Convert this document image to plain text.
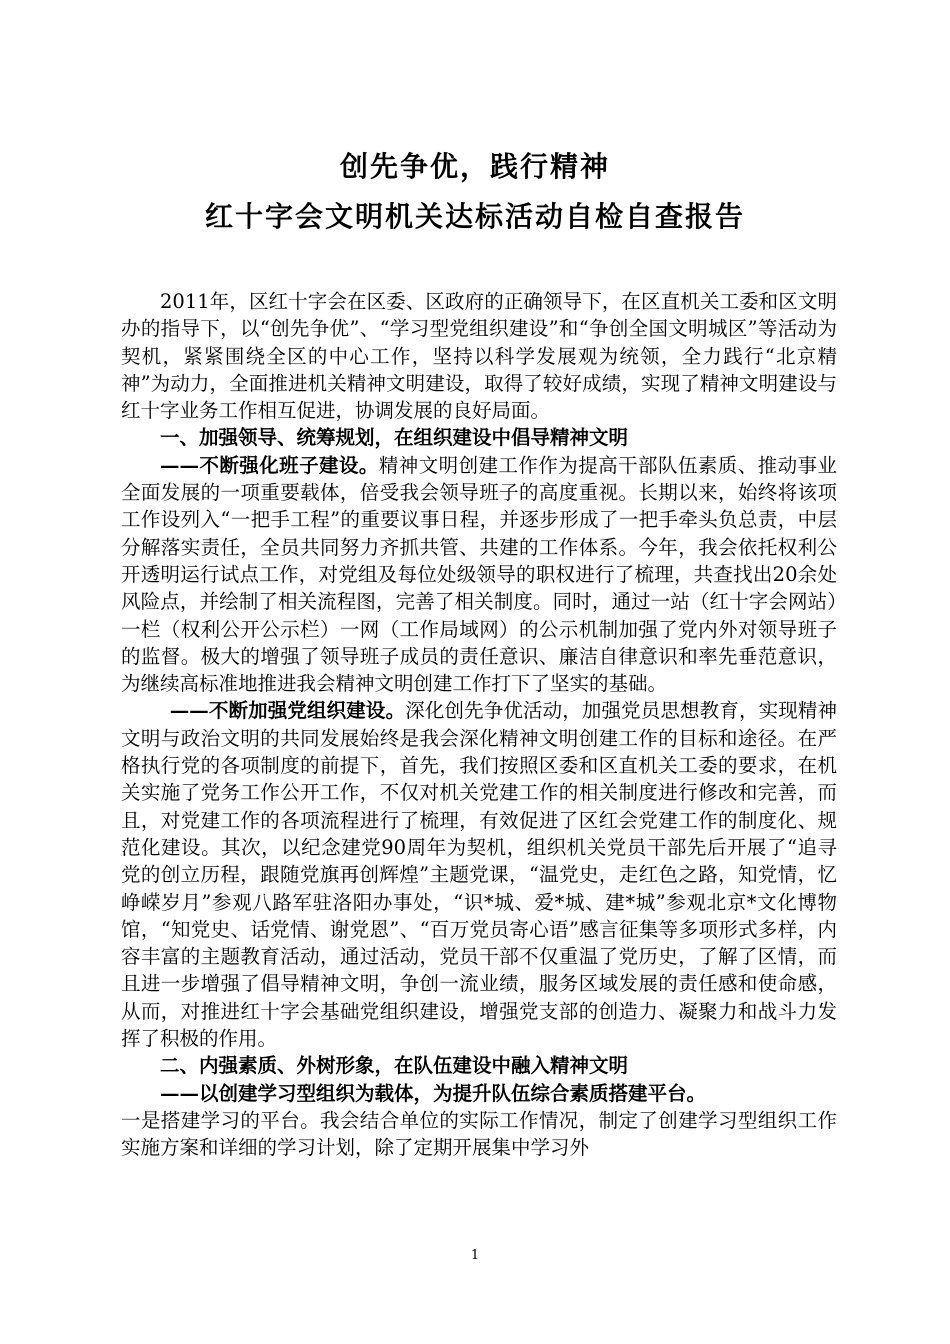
创先争优，践行精神
红十字会文明机关达标活动自检自查报告

2011年，区红十字会在区委、区政府的正确领导下，在区直机关工委和区文明办的指导下，以“创先争优”、“学习型党组织建设”和“争创全国文明城区”等活动为契机，紧紧围绕全区的中心工作，坚持以科学发展观为统领，全力践行“北京精神”为动力，全面推进机关精神文明建设，取得了较好成绩，实现了精神文明建设与红十字业务工作相互促进，协调发展的良好局面。

一、加强领导、统筹规划，在组织建设中倡导精神文明

——不断强化班子建设。精神文明创建工作作为提高干部队伍素质、推动事业全面发展的一项重要载体，倍受我会领导班子的高度重视。长期以来，始终将该项工作设列入“一把手工程”的重要议事日程，并逐步形成了一把手牵头负总责，中层分解落实责任，全员共同努力齐抓共管、共建的工作体系。今年，我会依托权利公开透明运行试点工作，对党组及每位处级领导的职权进行了梳理，共查找出20余处风险点，并绘制了相关流程图，完善了相关制度。同时，通过一站（红十字会网站）一栏（权利公开公示栏）一网（工作局域网）的公示机制加强了党内外对领导班子的监督。极大的增强了领导班子成员的责任意识、廉洁自律意识和率先垂范意识，为继续高标准地推进我会精神文明创建工作打下了坚实的基础。

——不断加强党组织建设。深化创先争优活动，加强党员思想教育，实现精神文明与政治文明的共同发展始终是我会深化精神文明创建工作的目标和途径。在严格执行党的各项制度的前提下，首先，我们按照区委和区直机关工委的要求，在机关实施了党务工作公开工作，不仅对机关党建工作的相关制度进行修改和完善，而且，对党建工作的各项流程进行了梳理，有效促进了区红会党建工作的制度化、规范化建设。其次，以纪念建党90周年为契机，组织机关党员干部先后开展了“追寻党的创立历程，跟随党旗再创辉煌”主题党课，“温党史，走红色之路，知党情，忆峥嵘岁月”参观八路军驻洛阳办事处，“识*城、爱*城、建*城”参观北京*文化博物馆，“知党史、话党情、谢党恩”、“百万党员寄心语”感言征集等多项形式多样，内容丰富的主题教育活动，通过活动，党员干部不仅重温了党历史，了解了区情，而且进一步增强了倡导精神文明，争创一流业绩，服务区域发展的责任感和使命感，从而，对推进红十字会基础党组织建设，增强党支部的创造力、凝聚力和战斗力发挥了积极的作用。

二、内强素质、外树形象，在队伍建设中融入精神文明

——以创建学习型组织为载体，为提升队伍综合素质搭建平台。

一是搭建学习的平台。我会结合单位的实际工作情况，制定了创建学习型组织工作实施方案和详细的学习计划，除了定期开展集中学习外

1
